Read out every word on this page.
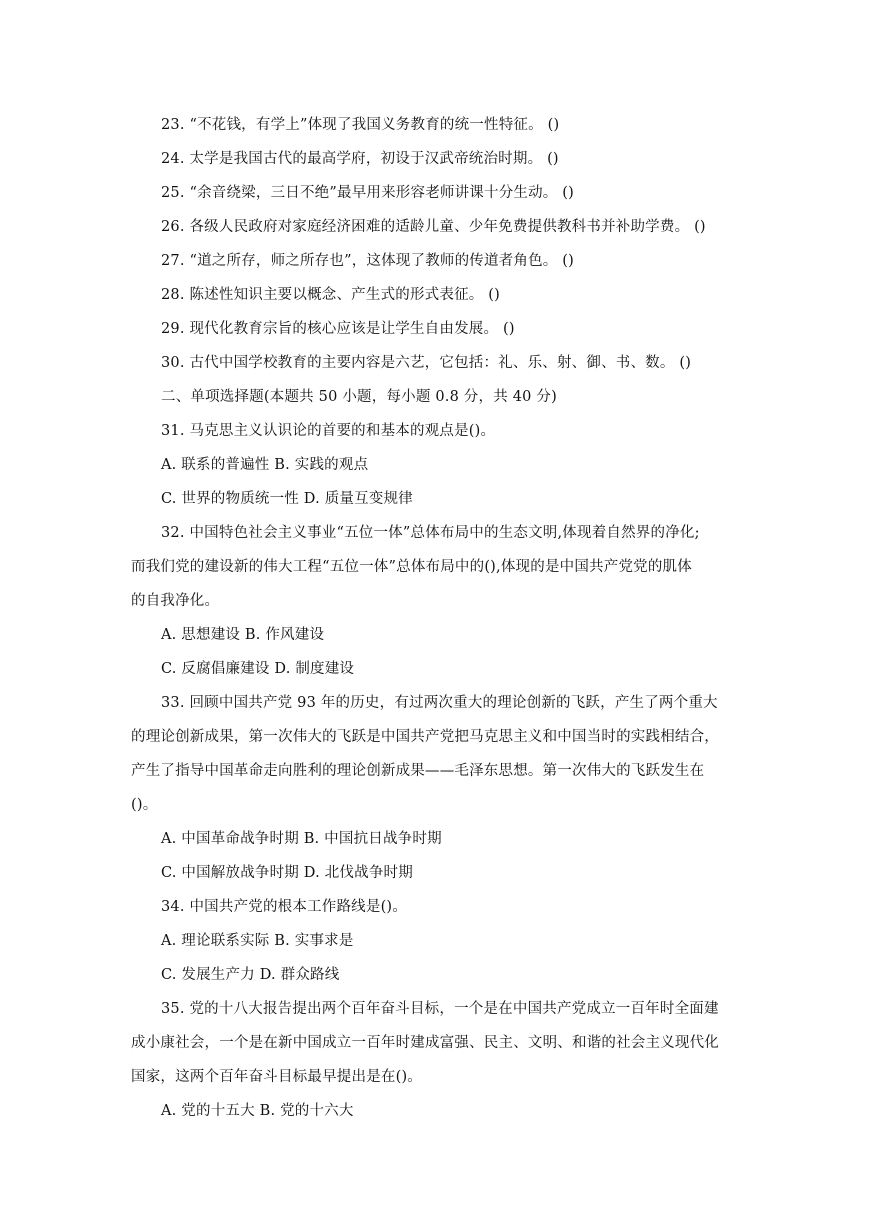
23. “不花钱，有学上”体现了我国义务教育的统一性特征。 ()
24. 太学是我国古代的最高学府，初设于汉武帝统治时期。 ()
25. “余音绕梁，三日不绝”最早用来形容老师讲课十分生动。 ()
26. 各级人民政府对家庭经济困难的适龄儿童、少年免费提供教科书并补助学费。 ()
27. “道之所存，师之所存也”，这体现了教师的传道者角色。 ()
28. 陈述性知识主要以概念、产生式的形式表征。 ()
29. 现代化教育宗旨的核心应该是让学生自由发展。 ()
30. 古代中国学校教育的主要内容是六艺，它包括：礼、乐、射、御、书、数。 ()
二、单项选择题(本题共 50 小题，每小题 0.8 分，共 40 分)
31. 马克思主义认识论的首要的和基本的观点是()。
A. 联系的普遍性 B. 实践的观点
C. 世界的物质统一性 D. 质量互变规律
32. 中国特色社会主义事业“五位一体”总体布局中的生态文明,体现着自然界的净化;
而我们党的建设新的伟大工程“五位一体”总体布局中的(),体现的是中国共产党党的肌体
的自我净化。
A. 思想建设 B. 作风建设
C. 反腐倡廉建设 D. 制度建设
33. 回顾中国共产党 93 年的历史，有过两次重大的理论创新的飞跃，产生了两个重大
的理论创新成果，第一次伟大的飞跃是中国共产党把马克思主义和中国当时的实践相结合，
产生了指导中国革命走向胜利的理论创新成果——毛泽东思想。第一次伟大的飞跃发生在
()。
A. 中国革命战争时期 B. 中国抗日战争时期
C. 中国解放战争时期 D. 北伐战争时期
34. 中国共产党的根本工作路线是()。
A. 理论联系实际 B. 实事求是
C. 发展生产力 D. 群众路线
35. 党的十八大报告提出两个百年奋斗目标，一个是在中国共产党成立一百年时全面建
成小康社会，一个是在新中国成立一百年时建成富强、民主、文明、和谐的社会主义现代化
国家，这两个百年奋斗目标最早提出是在()。
A. 党的十五大 B. 党的十六大
